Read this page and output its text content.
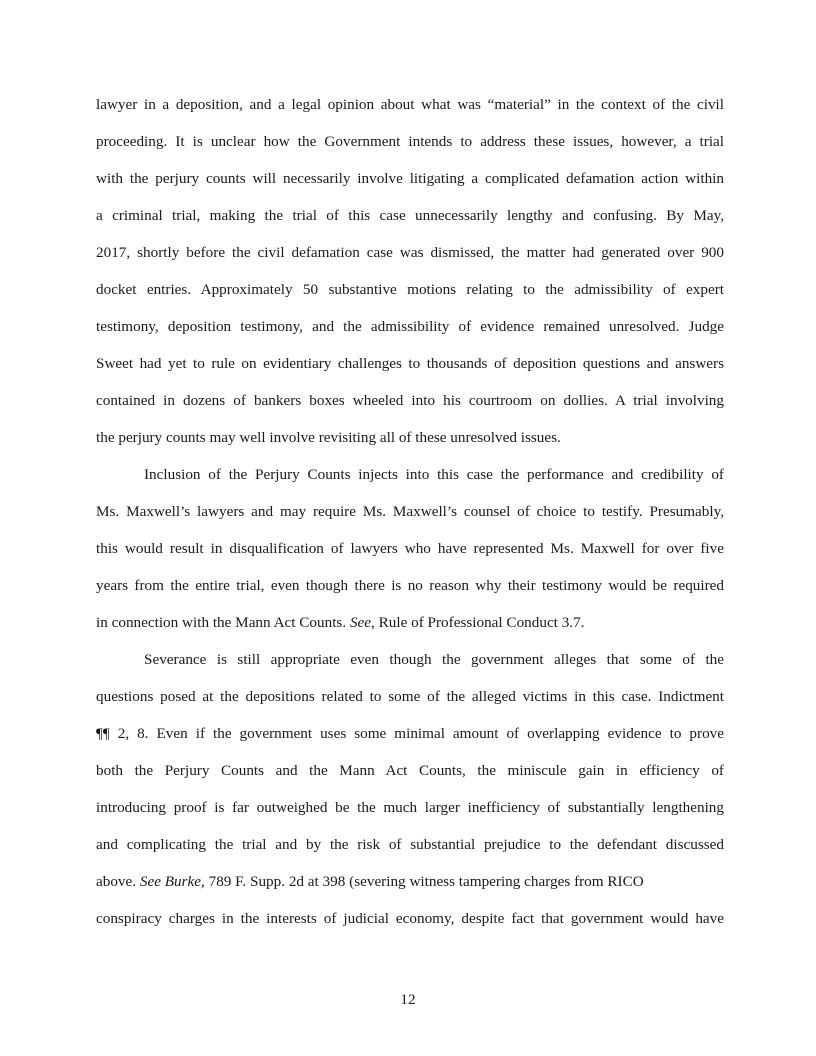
lawyer in a deposition, and a legal opinion about what was “material” in the context of the civil
proceeding. It is unclear how the Government intends to address these issues, however, a trial
with the perjury counts will necessarily involve litigating a complicated defamation action within
a criminal trial, making the trial of this case unnecessarily lengthy and confusing. By May,
2017, shortly before the civil defamation case was dismissed, the matter had generated over 900
docket entries. Approximately 50 substantive motions relating to the admissibility of expert
testimony, deposition testimony, and the admissibility of evidence remained unresolved. Judge
Sweet had yet to rule on evidentiary challenges to thousands of deposition questions and answers
contained in dozens of bankers boxes wheeled into his courtroom on dollies. A trial involving
the perjury counts may well involve revisiting all of these unresolved issues.
Inclusion of the Perjury Counts injects into this case the performance and credibility of
Ms. Maxwell’s lawyers and may require Ms. Maxwell’s counsel of choice to testify. Presumably,
this would result in disqualification of lawyers who have represented Ms. Maxwell for over five
years from the entire trial, even though there is no reason why their testimony would be required
in connection with the Mann Act Counts. See, Rule of Professional Conduct 3.7.
Severance is still appropriate even though the government alleges that some of the
questions posed at the depositions related to some of the alleged victims in this case. Indictment
¶¶ 2, 8. Even if the government uses some minimal amount of overlapping evidence to prove
both the Perjury Counts and the Mann Act Counts, the miniscule gain in efficiency of
introducing proof is far outweighed be the much larger inefficiency of substantially lengthening
and complicating the trial and by the risk of substantial prejudice to the defendant discussed
above. See Burke, 789 F. Supp. 2d at 398 (severing witness tampering charges from RICO
conspiracy charges in the interests of judicial economy, despite fact that government would have
12
